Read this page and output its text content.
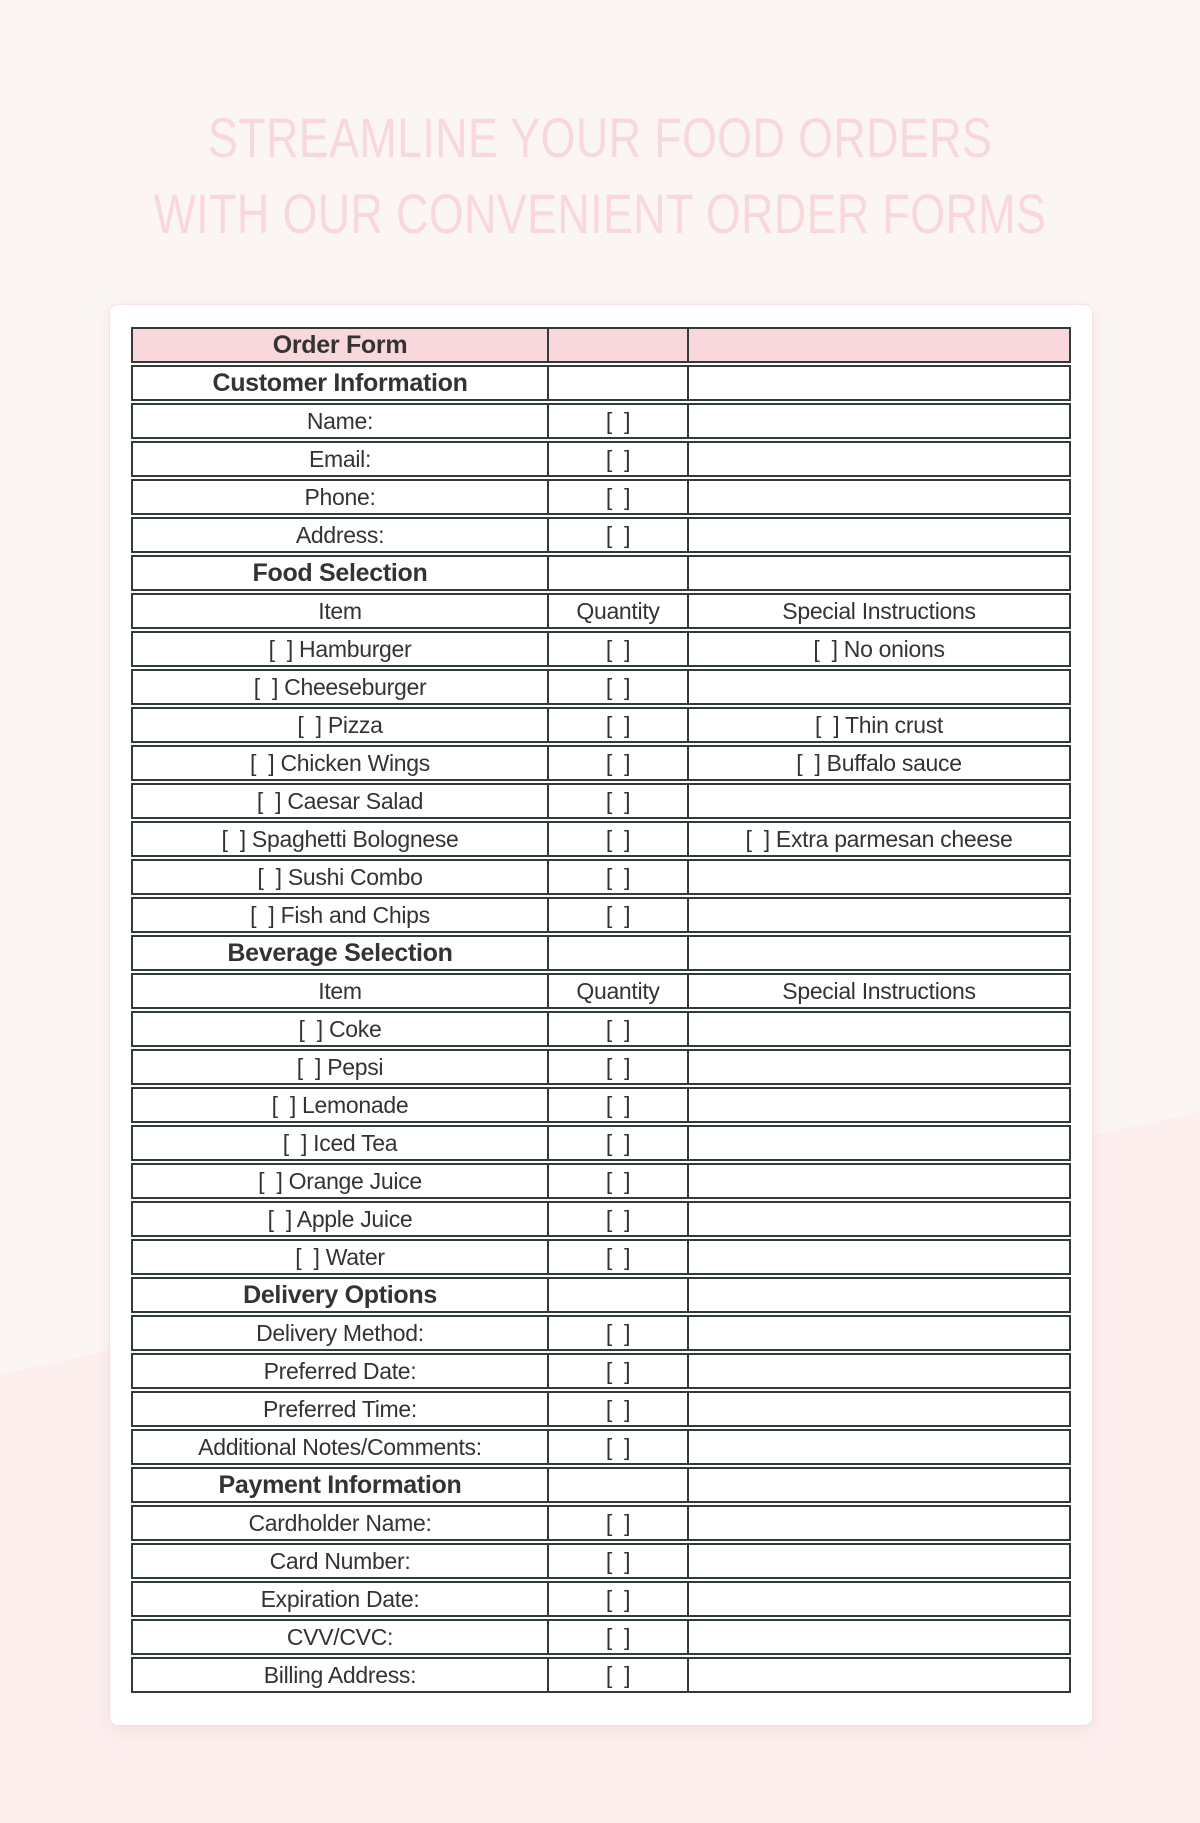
STREAMLINE YOUR FOOD ORDERS
WITH OUR CONVENIENT ORDER FORMS
Order Form
Customer Information
Name:	[  ]
Email:	[  ]
Phone:	[  ]
Address:	[  ]
Food Selection
Item	Quantity	Special Instructions
[  ] Hamburger	[  ]	[  ] No onions
[  ] Cheeseburger	[  ]
[  ] Pizza	[  ]	[  ] Thin crust
[  ] Chicken Wings	[  ]	[  ] Buffalo sauce
[  ] Caesar Salad	[  ]
[  ] Spaghetti Bolognese	[  ]	[  ] Extra parmesan cheese
[  ] Sushi Combo	[  ]
[  ] Fish and Chips	[  ]
Beverage Selection
Item	Quantity	Special Instructions
[  ] Coke	[  ]
[  ] Pepsi	[  ]
[  ] Lemonade	[  ]
[  ] Iced Tea	[  ]
[  ] Orange Juice	[  ]
[  ] Apple Juice	[  ]
[  ] Water	[  ]
Delivery Options
Delivery Method:	[  ]
Preferred Date:	[  ]
Preferred Time:	[  ]
Additional Notes/Comments:	[  ]
Payment Information
Cardholder Name:	[  ]
Card Number:	[  ]
Expiration Date:	[  ]
CVV/CVC:	[  ]
Billing Address:	[  ]
